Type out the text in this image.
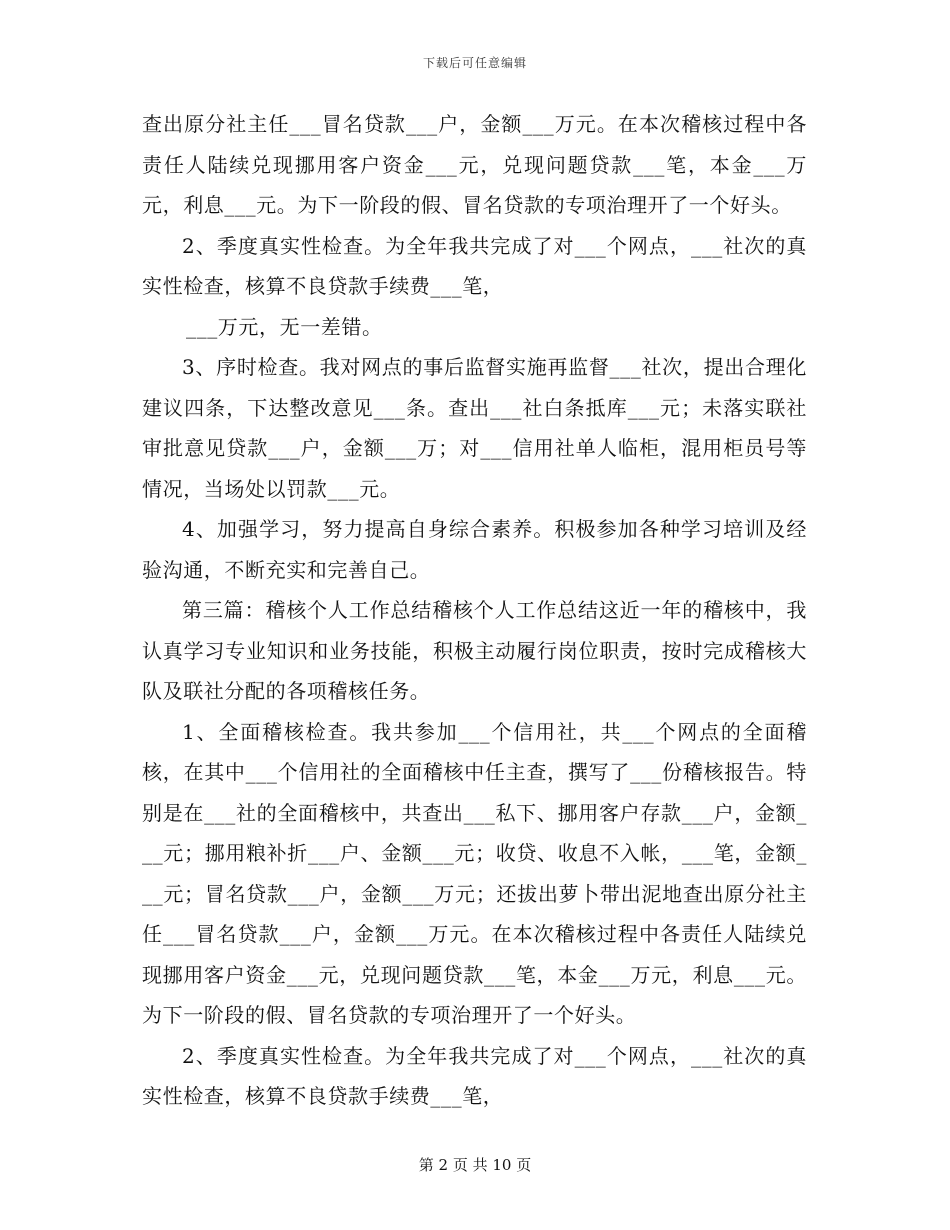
下载后可任意编辑

查出原分社主任___冒名贷款___户，金额___万元。在本次稽核过程中各责任人陆续兑现挪用客户资金___元，兑现问题贷款___笔，本金___万元，利息___元。为下一阶段的假、冒名贷款的专项治理开了一个好头。

2、季度真实性检查。为全年我共完成了对___个网点，___社次的真实性检查，核算不良贷款手续费___笔，

___万元，无一差错。

3、序时检查。我对网点的事后监督实施再监督___社次，提出合理化建议四条，下达整改意见___条。查出___社白条抵库___元；未落实联社审批意见贷款___户，金额___万；对___信用社单人临柜，混用柜员号等情况，当场处以罚款___元。

4、加强学习，努力提高自身综合素养。积极参加各种学习培训及经验沟通，不断充实和完善自己。

第三篇：稽核个人工作总结稽核个人工作总结这近一年的稽核中，我认真学习专业知识和业务技能，积极主动履行岗位职责，按时完成稽核大队及联社分配的各项稽核任务。

1、全面稽核检查。我共参加___个信用社，共___个网点的全面稽核，在其中___个信用社的全面稽核中任主查，撰写了___份稽核报告。特别是在___社的全面稽核中，共查出___私下、挪用客户存款___户，金额___元；挪用粮补折___户、金额___元；收贷、收息不入帐，___笔，金额___元；冒名贷款___户，金额___万元；还拔出萝卜带出泥地查出原分社主任___冒名贷款___户，金额___万元。在本次稽核过程中各责任人陆续兑现挪用客户资金___元，兑现问题贷款___笔，本金___万元，利息___元。为下一阶段的假、冒名贷款的专项治理开了一个好头。

2、季度真实性检查。为全年我共完成了对___个网点，___社次的真实性检查，核算不良贷款手续费___笔，

第 2 页 共 10 页
